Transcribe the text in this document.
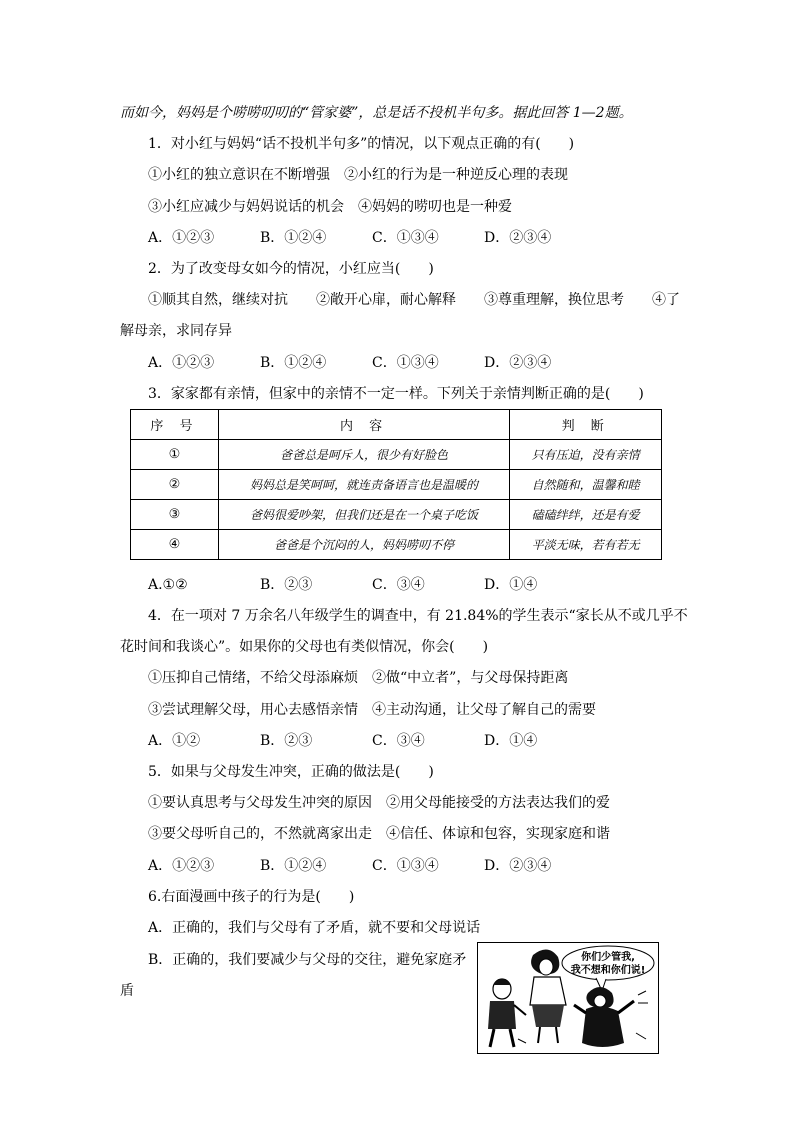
而如今，妈妈是个唠唠叨叨的“管家婆”，总是话不投机半句多。据此回答 1—2题。
1．对小红与妈妈“话不投机半句多”的情况，以下观点正确的有(　　)
①小红的独立意识在不断增强　②小红的行为是一种逆反心理的表现
③小红应减少与妈妈说话的机会　④妈妈的唠叨也是一种爱
A．①②③	B．①②④	C．①③④	D．②③④
2．为了改变母女如今的情况，小红应当(　　)
①顺其自然，继续对抗　　②敞开心扉，耐心解释　　③尊重理解，换位思考　　④了
解母亲，求同存异
A．①②③	B．①②④	C．①③④	D．②③④
3．家家都有亲情，但家中的亲情不一定一样。下列关于亲情判断正确的是(　　)
序 号	内 容	判 断
①	爸爸总是呵斥人，很少有好脸色	只有压迫，没有亲情
②	妈妈总是笑呵呵，就连责备语言也是温暖的	自然随和，温馨和睦
③	爸妈很爱吵架，但我们还是在一个桌子吃饭	磕磕绊绊，还是有爱
④	爸爸是个沉闷的人，妈妈唠叨不停	平淡无味，若有若无
A.①②	B．②③	C．③④	D．①④
4．在一项对 7 万余名八年级学生的调查中，有 21.84%的学生表示“家长从不或几乎不
花时间和我谈心”。如果你的父母也有类似情况，你会(　　)
①压抑自己情绪，不给父母添麻烦　②做“中立者”，与父母保持距离
③尝试理解父母，用心去感悟亲情　④主动沟通，让父母了解自己的需要
A．①②	B．②③	C．③④	D．①④
5．如果与父母发生冲突，正确的做法是(　　)
①要认真思考与父母发生冲突的原因　②用父母能接受的方法表达我们的爱
③要父母听自己的，不然就离家出走　④信任、体谅和包容，实现家庭和谐
A．①②③	B．①②④	C．①③④	D．②③④
6.右面漫画中孩子的行为是(　　)
A．正确的，我们与父母有了矛盾，就不要和父母说话
B．正确的，我们要减少与父母的交往，避免家庭矛
盾
你们少管我,
我不想和你们说!
